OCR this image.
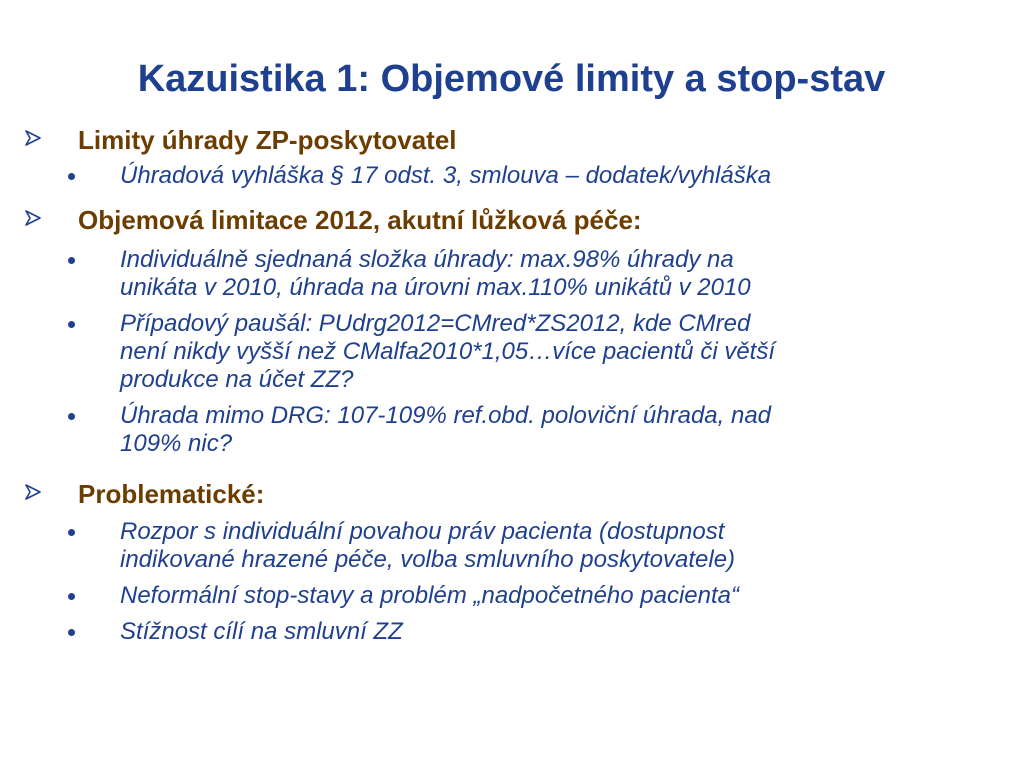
Kazuistika 1: Objemové limity a stop-stav
Limity úhrady ZP-poskytovatel
Úhradová vyhláška § 17 odst. 3, smlouva – dodatek/vyhláška
Objemová limitace 2012, akutní lůžková péče:
Individuálně sjednaná složka úhrady: max.98% úhrady na
unikáta v 2010, úhrada na úrovni max.110% unikátů v 2010
Případový paušál: PUdrg2012=CMred*ZS2012, kde CMred
není nikdy vyšší než CMalfa2010*1,05…více pacientů či větší
produkce na účet ZZ?
Úhrada mimo DRG: 107-109% ref.obd. poloviční úhrada, nad
109% nic?
Problematické:
Rozpor s individuální povahou práv pacienta (dostupnost
indikované hrazené péče, volba smluvního poskytovatele)
Neformální stop-stavy a problém „nadpočetného pacienta“
Stížnost cílí na smluvní ZZ
